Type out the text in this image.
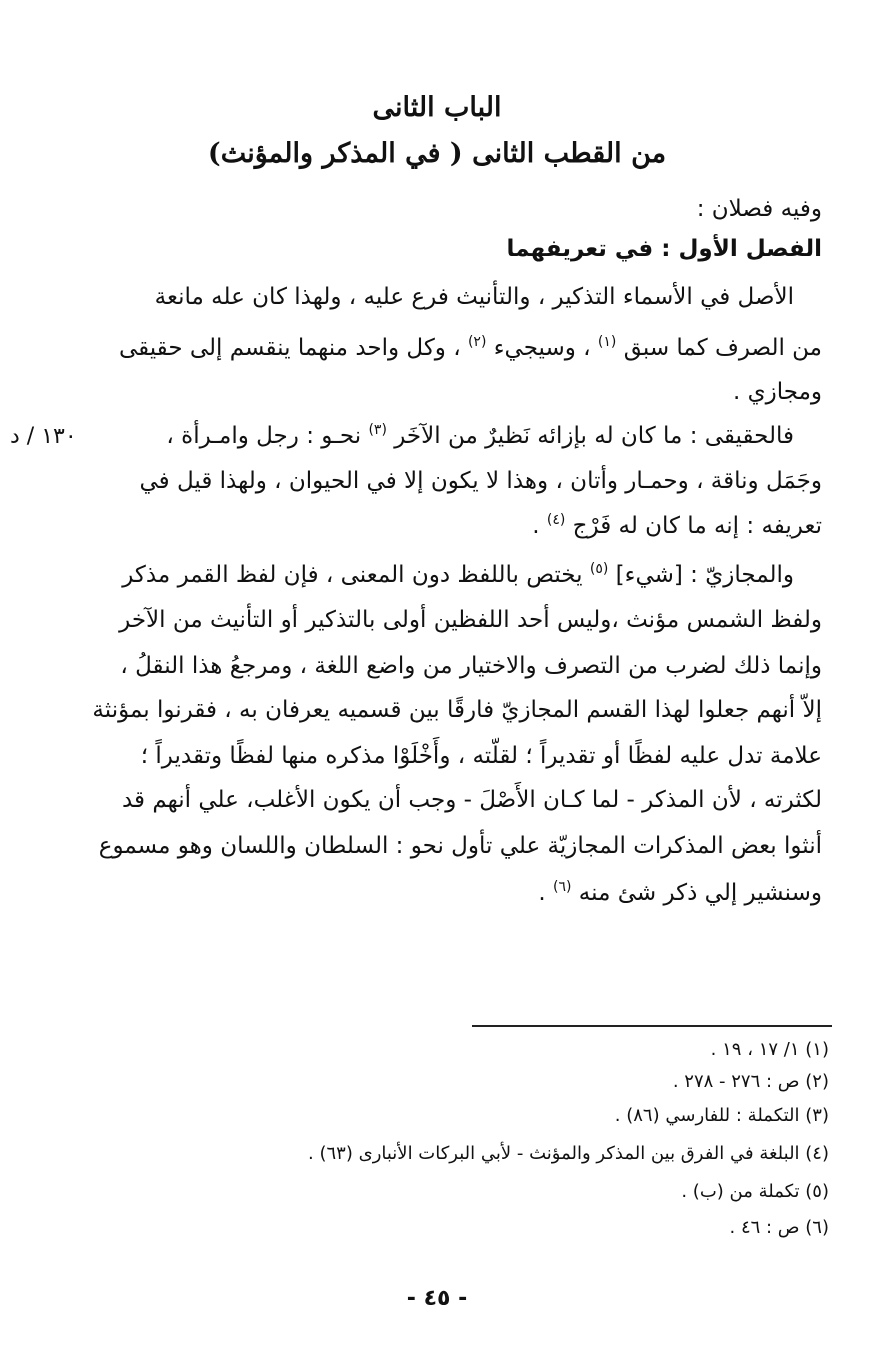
الباب الثانى
من القطب الثانى ( في المذكر والمؤنث)
وفيه فصلان :
الفصل الأول : في تعريفهما
الأصل في الأسماء التذكير ، والتأنيث فرع عليه ، ولهذا كان عله مانعة
من الصرف كما سبق $^{(١)}$ ، وسيجيء $^{(٢)}$ ، وكل واحد منهما ينقسم إلى حقيقى
ومجازي .
فالحقيقى : ما كان له بإزائه نَظيرٌ من الآخَر $^{(٣)}$ نحـو : رجل وامـرأة ،
١٣٠ / د
وجَمَل وناقة ، وحمـار وأتان ، وهذا لا يكون إلا في الحيوان ، ولهذا قيل في
تعريفه : إنه ما كان له فَرْج $^{(٤)}$ .
والمجازيّ : [شيء] $^{(٥)}$ يختص باللفظ دون المعنى ، فإن لفظ القمر مذكر
ولفظ الشمس مؤنث ،وليس أحد اللفظين أولى بالتذكير أو التأنيث من الآخر
وإنما ذلك لضرب من التصرف والاختيار من واضع اللغة ، ومرجعُ هذا النقلُ ،
إلاّ أنهم جعلوا لهذا القسم المجازيّ فارقًا بين قسميه يعرفان به ، فقرنوا بمؤنثة
علامة تدل عليه لفظًا أو تقديراً ؛ لقلّته ، وأَخْلَوْا مذكره منها لفظًا وتقديراً ؛
لكثرته ، لأن المذكر - لما كـان الأَصْلَ - وجب أن يكون الأغلب، علي أنهم قد
أنثوا بعض المذكرات المجازيّة علي تأول نحو : السلطان واللسان وهو مسموع
وسنشير إلي ذكر شئ منه $^{(٦)}$ .
(١) ١/ ١٧ ، ١٩ .
(٢) ص : ٢٧٦ - ٢٧٨ .
(٣) التكملة : للفارسي (٨٦) .
(٤) البلغة في الفرق بين المذكر والمؤنث - لأبي البركات الأنبارى (٦٣) .
(٥) تكملة من (ب) .
(٦) ص : ٤٦ .
- ٤٥ -
